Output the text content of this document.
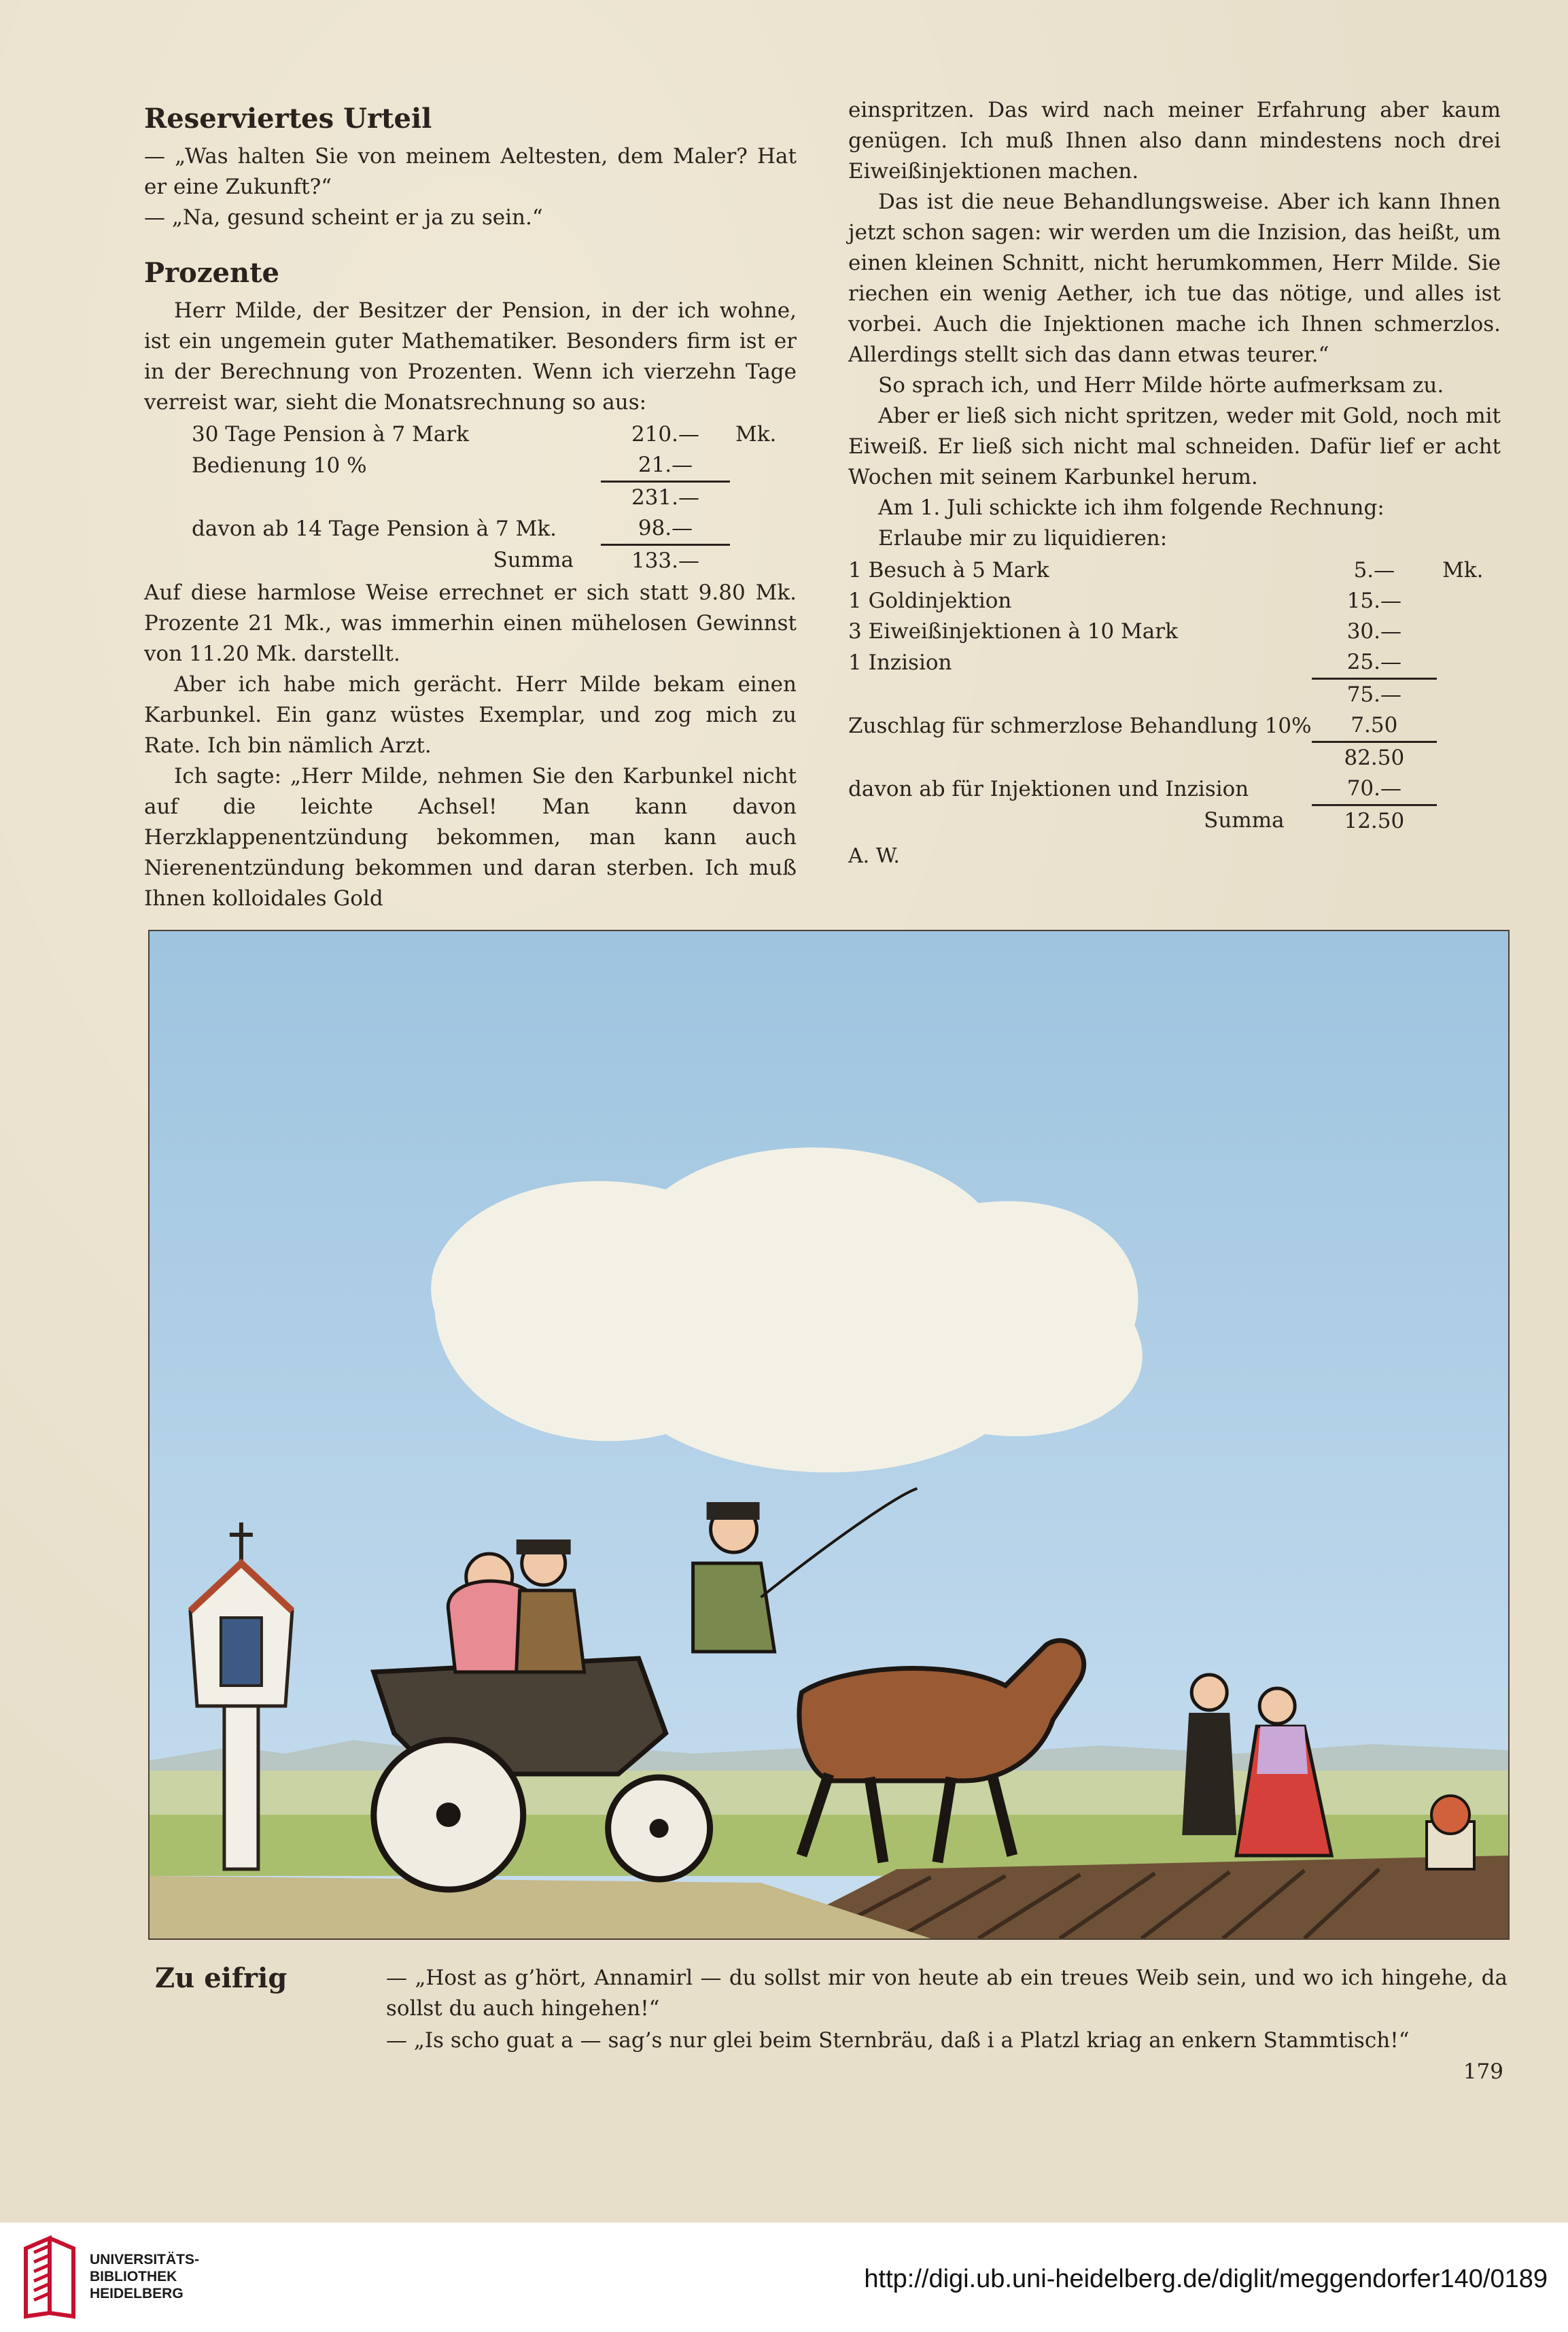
Reserviertes Urteil

— „Was halten Sie von meinem Aeltesten, dem Maler? Hat er eine Zukunft?“

— „Na, gesund scheint er ja zu sein.“

Prozente

Herr Milde, der Besitzer der Pension, in der ich wohne, ist ein ungemein guter Mathematiker. Besonders firm ist er in der Berechnung von Prozenten. Wenn ich vierzehn Tage verreist war, sieht die Monatsrechnung so aus:

30 Tage Pension à 7 Mark	210.—	Mk.
Bedienung 10 %	21.—	
	231.—	
davon ab 14 Tage Pension à 7 Mk.	98.—	
Summa	133.—	

Auf diese harmlose Weise errechnet er sich statt 9.80 Mk. Prozente 21 Mk., was immerhin einen mühelosen Gewinnst von 11.20 Mk. darstellt.

Aber ich habe mich gerächt. Herr Milde bekam einen Karbunkel. Ein ganz wüstes Exemplar, und zog mich zu Rate. Ich bin nämlich Arzt.

Ich sagte: „Herr Milde, nehmen Sie den Karbunkel nicht auf die leichte Achsel! Man kann davon Herzklappenentzündung bekommen, man kann auch Nierenentzündung bekommen und daran sterben. Ich muß Ihnen kolloidales Gold

einspritzen. Das wird nach meiner Erfahrung aber kaum genügen. Ich muß Ihnen also dann mindestens noch drei Eiweißinjektionen machen.

Das ist die neue Behandlungsweise. Aber ich kann Ihnen jetzt schon sagen: wir werden um die Inzision, das heißt, um einen kleinen Schnitt, nicht herumkommen, Herr Milde. Sie riechen ein wenig Aether, ich tue das nötige, und alles ist vorbei. Auch die Injektionen mache ich Ihnen schmerzlos. Allerdings stellt sich das dann etwas teurer.“

So sprach ich, und Herr Milde hörte aufmerksam zu.

Aber er ließ sich nicht spritzen, weder mit Gold, noch mit Eiweiß. Er ließ sich nicht mal schneiden. Dafür lief er acht Wochen mit seinem Karbunkel herum.

Am 1. Juli schickte ich ihm folgende Rechnung:

Erlaube mir zu liquidieren:

1 Besuch à 5 Mark	5.—	Mk.
1 Goldinjektion	15.—	
3 Eiweißinjektionen à 10 Mark	30.—	
1 Inzision	25.—	
	75.—	
Zuschlag für schmerzlose Behandlung 10%	7.50	
	82.50	
davon ab für Injektionen und Inzision	70.—	
Summa	12.50	

A. W.

Zu eifrig	— „Host as g’hört, Annamirl — du sollst mir von heute ab ein treues Weib sein, und wo ich hingehe, da sollst du auch hingehen!“

— „Is scho guat a — sag’s nur glei beim Sternbräu, daß i a Platzl kriag an enkern Stammtisch!“

179
UNIVERSITÄTS-
BIBLIOTHEK
HEIDELBERG
http://digi.ub.uni-heidelberg.de/diglit/meggendorfer140/0189
